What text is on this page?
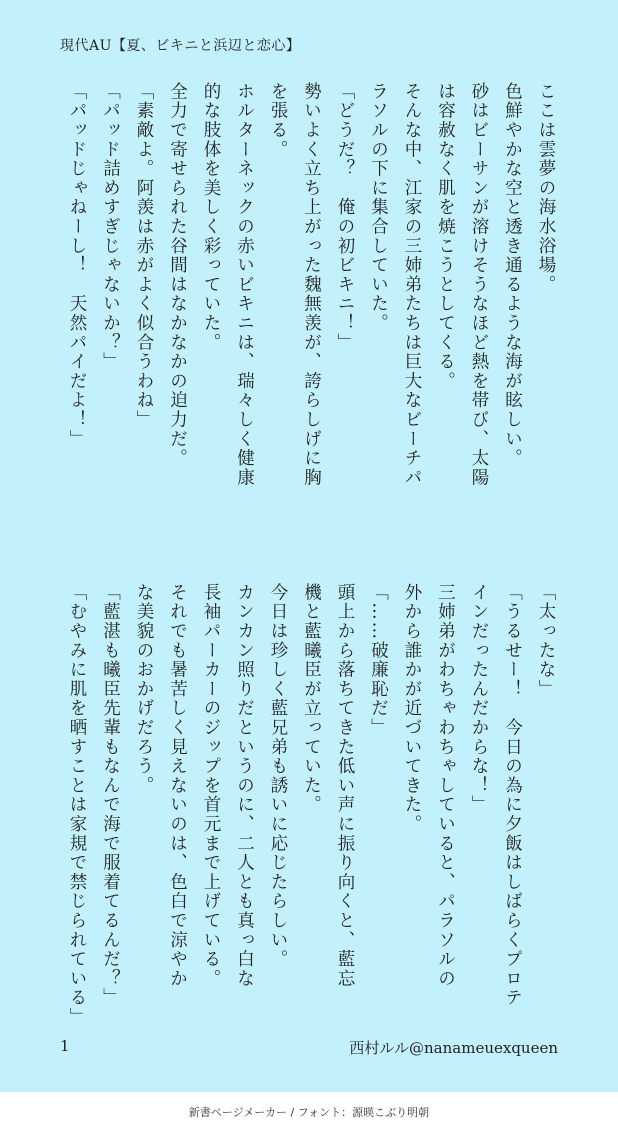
現代AU【夏、ビキニと浜辺と恋心】

ここは雲夢の海水浴場。

色鮮やかな空と透き通るような海が眩しい。

砂はビーサンが溶けそうなほど熱を帯び、太陽

は容赦なく肌を焼こうとしてくる。

そんな中、江家の三姉弟たちは巨大なビーチパ

ラソルの下に集合していた。

「どうだ？　俺の初ビキニ！」

勢いよく立ち上がった魏無羡が、誇らしげに胸

を張る。

ホルターネックの赤いビキニは、瑞々しく健康

的な肢体を美しく彩っていた。

全力で寄せられた谷間はなかなかの迫力だ。

「素敵よ。阿羡は赤がよく似合うわね」

「パッド詰めすぎじゃないか？」

「パッドじゃねーし！　天然パイだよ！」

「太ったな」

「うるせー！　今日の為に夕飯はしばらくプロテ

インだったんだからな！」

三姉弟がわちゃわちゃしていると、パラソルの

外から誰かが近づいてきた。

「……破廉恥だ」

頭上から落ちてきた低い声に振り向くと、藍忘

機と藍曦臣が立っていた。

今日は珍しく藍兄弟も誘いに応じたらしい。

カンカン照りだというのに、二人とも真っ白な

長袖パーカーのジップを首元まで上げている。

それでも暑苦しく見えないのは、色白で涼やか

な美貌のおかげだろう。

「藍湛も曦臣先輩もなんで海で服着てるんだ？」

「むやみに肌を晒すことは家規で禁じられている」

1	西村ルル@nanameuexqueen
新書ページメーカー / フォント：源暎こぶり明朝
